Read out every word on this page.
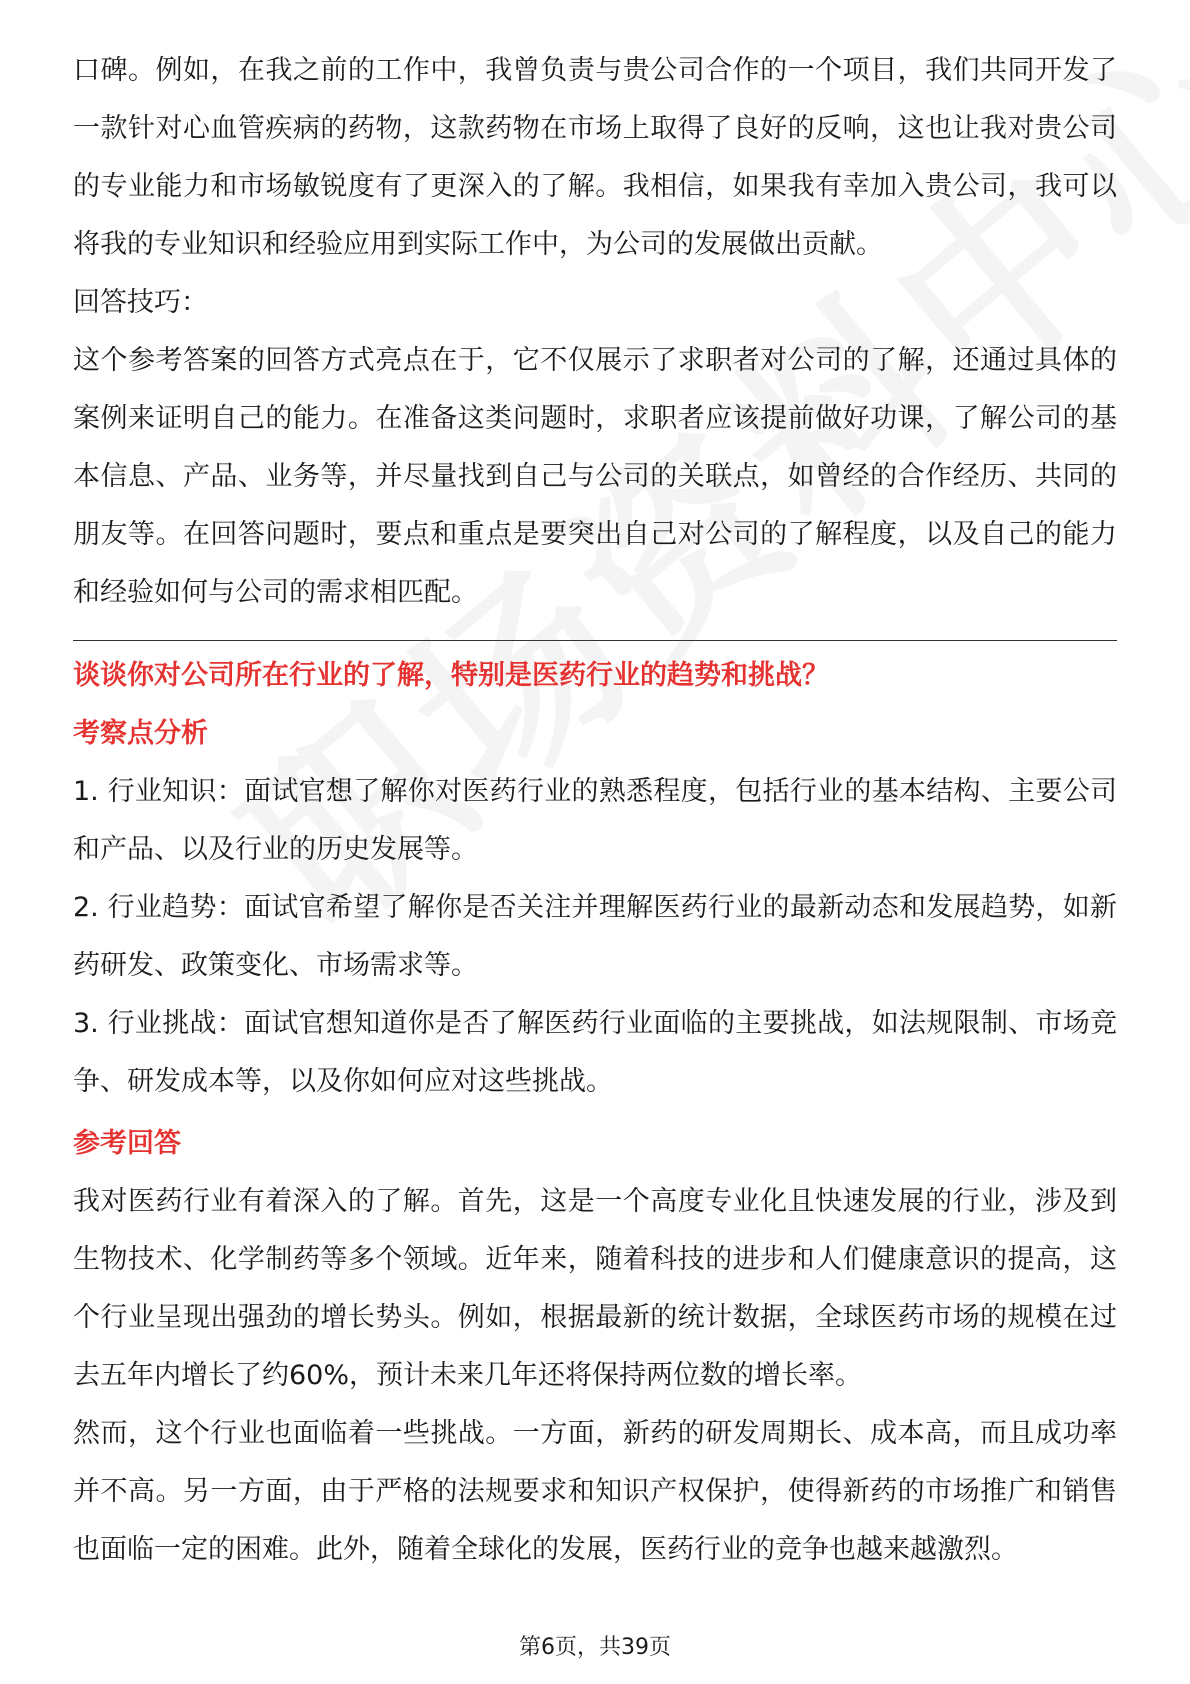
口碑。例如，在我之前的工作中，我曾负责与贵公司合作的一个项目，我们共同开发了一款针对心血管疾病的药物，这款药物在市场上取得了良好的反响，这也让我对贵公司的专业能力和市场敏锐度有了更深入的了解。我相信，如果我有幸加入贵公司，我可以将我的专业知识和经验应用到实际工作中，为公司的发展做出贡献。

回答技巧：

这个参考答案的回答方式亮点在于，它不仅展示了求职者对公司的了解，还通过具体的案例来证明自己的能力。在准备这类问题时，求职者应该提前做好功课，了解公司的基本信息、产品、业务等，并尽量找到自己与公司的关联点，如曾经的合作经历、共同的朋友等。在回答问题时，要点和重点是要突出自己对公司的了解程度，以及自己的能力和经验如何与公司的需求相匹配。

谈谈你对公司所在行业的了解，特别是医药行业的趋势和挑战？
考察点分析

1. 行业知识：面试官想了解你对医药行业的熟悉程度，包括行业的基本结构、主要公司和产品、以及行业的历史发展等。

2. 行业趋势：面试官希望了解你是否关注并理解医药行业的最新动态和发展趋势，如新药研发、政策变化、市场需求等。

3. 行业挑战：面试官想知道你是否了解医药行业面临的主要挑战，如法规限制、市场竞争、研发成本等，以及你如何应对这些挑战。

参考回答

我对医药行业有着深入的了解。首先，这是一个高度专业化且快速发展的行业，涉及到生物技术、化学制药等多个领域。近年来，随着科技的进步和人们健康意识的提高，这个行业呈现出强劲的增长势头。例如，根据最新的统计数据，全球医药市场的规模在过去五年内增长了约60%，预计未来几年还将保持两位数的增长率。

然而，这个行业也面临着一些挑战。一方面，新药的研发周期长、成本高，而且成功率并不高。另一方面，由于严格的法规要求和知识产权保护，使得新药的市场推广和销售也面临一定的困难。此外，随着全球化的发展，医药行业的竞争也越来越激烈。

第6页，共39页
